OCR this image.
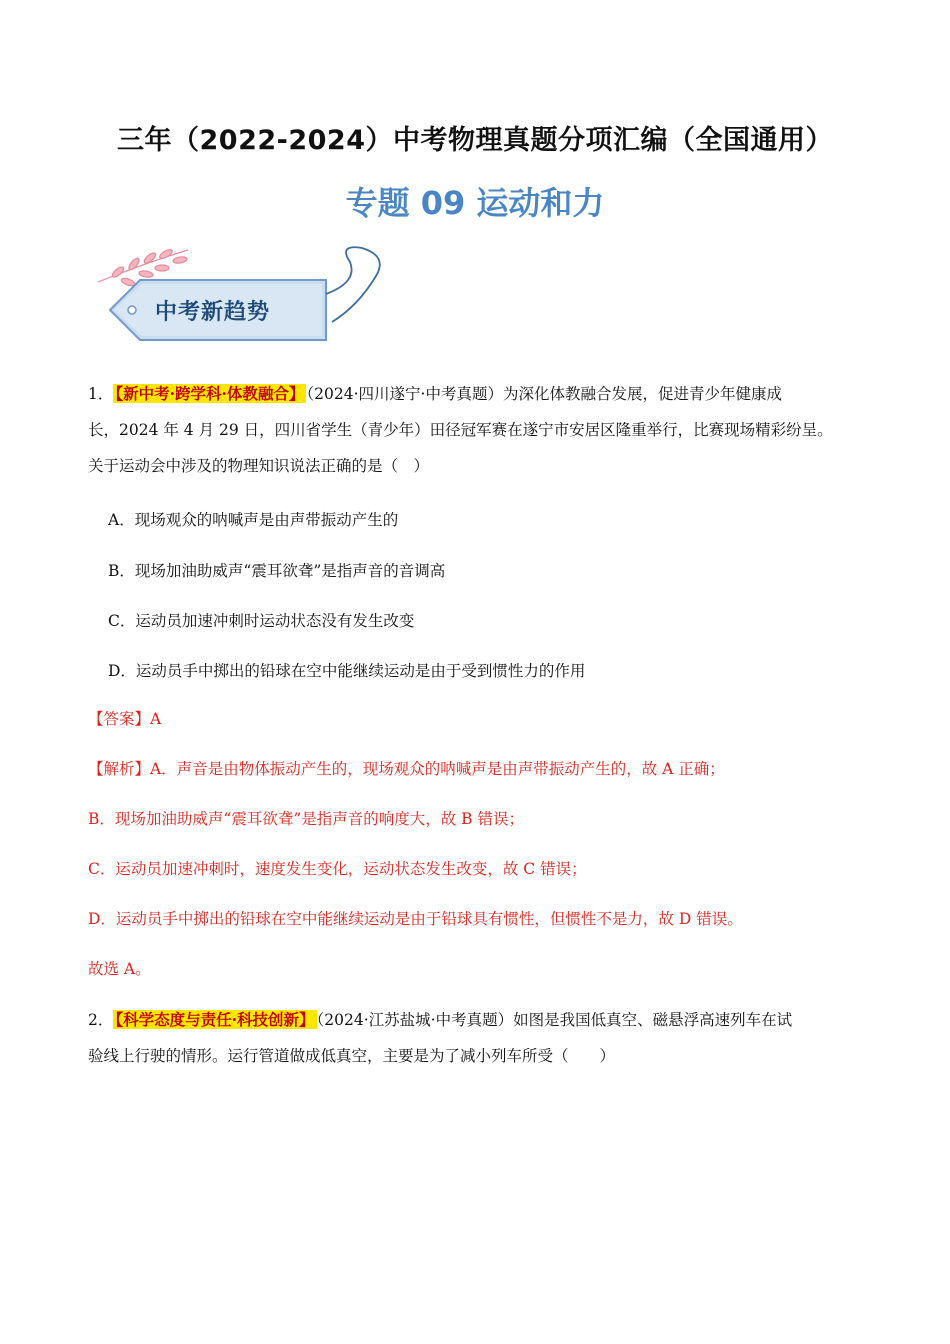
三年（2022-2024）中考物理真题分项汇编（全国通用）
专题 09 运动和力
中考新趋势
1． 【新中考·跨学科·体教融合】 （2024·四川遂宁·中考真题）为深化体教融合发展，促进青少年健康成
长，2024 年 4 月 29 日，四川省学生（青少年）田径冠军赛在遂宁市安居区隆重举行，比赛现场精彩纷呈。
关于运动会中涉及的物理知识说法正确的是（　）
A．现场观众的呐喊声是由声带振动产生的
B．现场加油助威声“震耳欲聋”是指声音的音调高
C．运动员加速冲刺时运动状态没有发生改变
D．运动员手中掷出的铅球在空中能继续运动是由于受到惯性力的作用
【答案】A
【解析】A．声音是由物体振动产生的，现场观众的呐喊声是由声带振动产生的，故 A 正确；
B．现场加油助威声“震耳欲聋”是指声音的响度大，故 B 错误；
C．运动员加速冲刺时，速度发生变化，运动状态发生改变，故 C 错误；
D．运动员手中掷出的铅球在空中能继续运动是由于铅球具有惯性，但惯性不是力，故 D 错误。
故选 A。
2． 【科学态度与责任·科技创新】 （2024·江苏盐城·中考真题）如图是我国低真空、磁悬浮高速列车在试
验线上行驶的情形。运行管道做成低真空，主要是为了减小列车所受（　　）
